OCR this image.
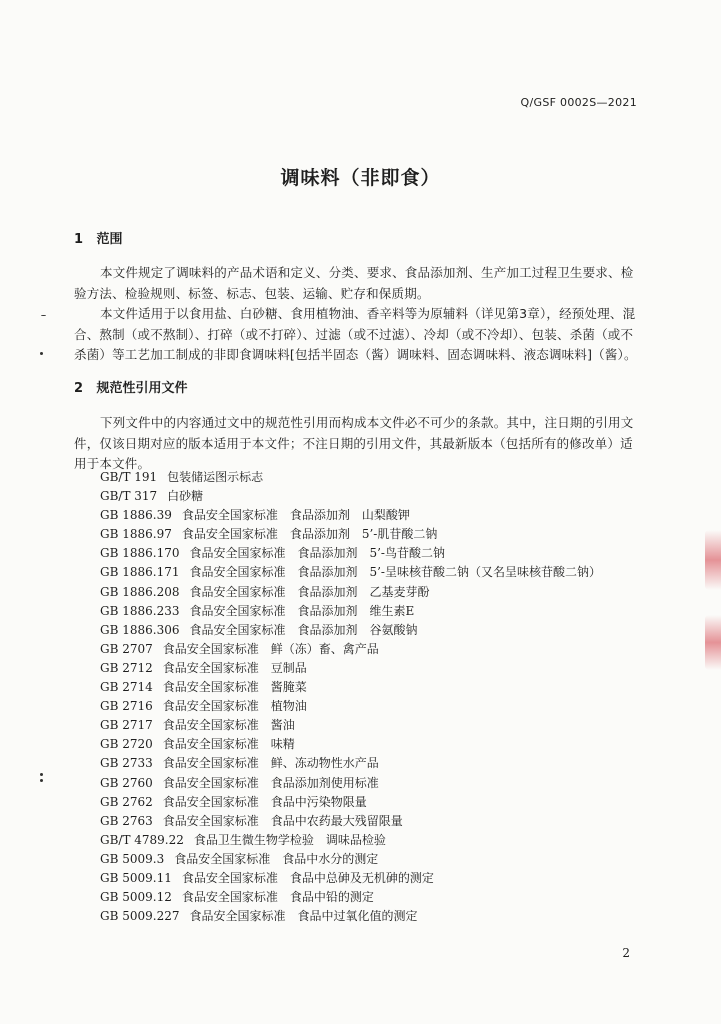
Q/GSF 0002S—2021
调味料（非即食）
1 范围
本文件规定了调味料的产品术语和定义、分类、要求、食品添加剂、生产加工过程卫生要求、检验方法、检验规则、标签、标志、包装、运输、贮存和保质期。
本文件适用于以食用盐、白砂糖、食用植物油、香辛料等为原辅料（详见第3章），经预处理、混合、熬制（或不熬制）、打碎（或不打碎）、过滤（或不过滤）、冷却（或不冷却）、包装、杀菌（或不杀菌）等工艺加工制成的非即食调味料[包括半固态（酱）调味料、固态调味料、液态调味料]（酱）。
2 规范性引用文件
下列文件中的内容通过文中的规范性引用而构成本文件必不可少的条款。其中，注日期的引用文件，仅该日期对应的版本适用于本文件；不注日期的引用文件，其最新版本（包括所有的修改单）适用于本文件。
GB/T 191 包装储运图示标志
GB/T 317 白砂糖
GB 1886.39 食品安全国家标准　食品添加剂　山梨酸钾
GB 1886.97 食品安全国家标准　食品添加剂　5’-肌苷酸二钠
GB 1886.170 食品安全国家标准　食品添加剂　5’-鸟苷酸二钠
GB 1886.171 食品安全国家标准　食品添加剂　5’-呈味核苷酸二钠（又名呈味核苷酸二钠）
GB 1886.208 食品安全国家标准　食品添加剂　乙基麦芽酚
GB 1886.233 食品安全国家标准　食品添加剂　维生素E
GB 1886.306 食品安全国家标准　食品添加剂　谷氨酸钠
GB 2707 食品安全国家标准　鲜（冻）畜、禽产品
GB 2712 食品安全国家标准　豆制品
GB 2714 食品安全国家标准　酱腌菜
GB 2716 食品安全国家标准　植物油
GB 2717 食品安全国家标准　酱油
GB 2720 食品安全国家标准　味精
GB 2733 食品安全国家标准　鲜、冻动物性水产品
GB 2760 食品安全国家标准　食品添加剂使用标准
GB 2762 食品安全国家标准　食品中污染物限量
GB 2763 食品安全国家标准　食品中农药最大残留限量
GB/T 4789.22 食品卫生微生物学检验　调味品检验
GB 5009.3 食品安全国家标准　食品中水分的测定
GB 5009.11 食品安全国家标准　食品中总砷及无机砷的测定
GB 5009.12 食品安全国家标准　食品中铅的测定
GB 5009.227 食品安全国家标准　食品中过氧化值的测定
2
